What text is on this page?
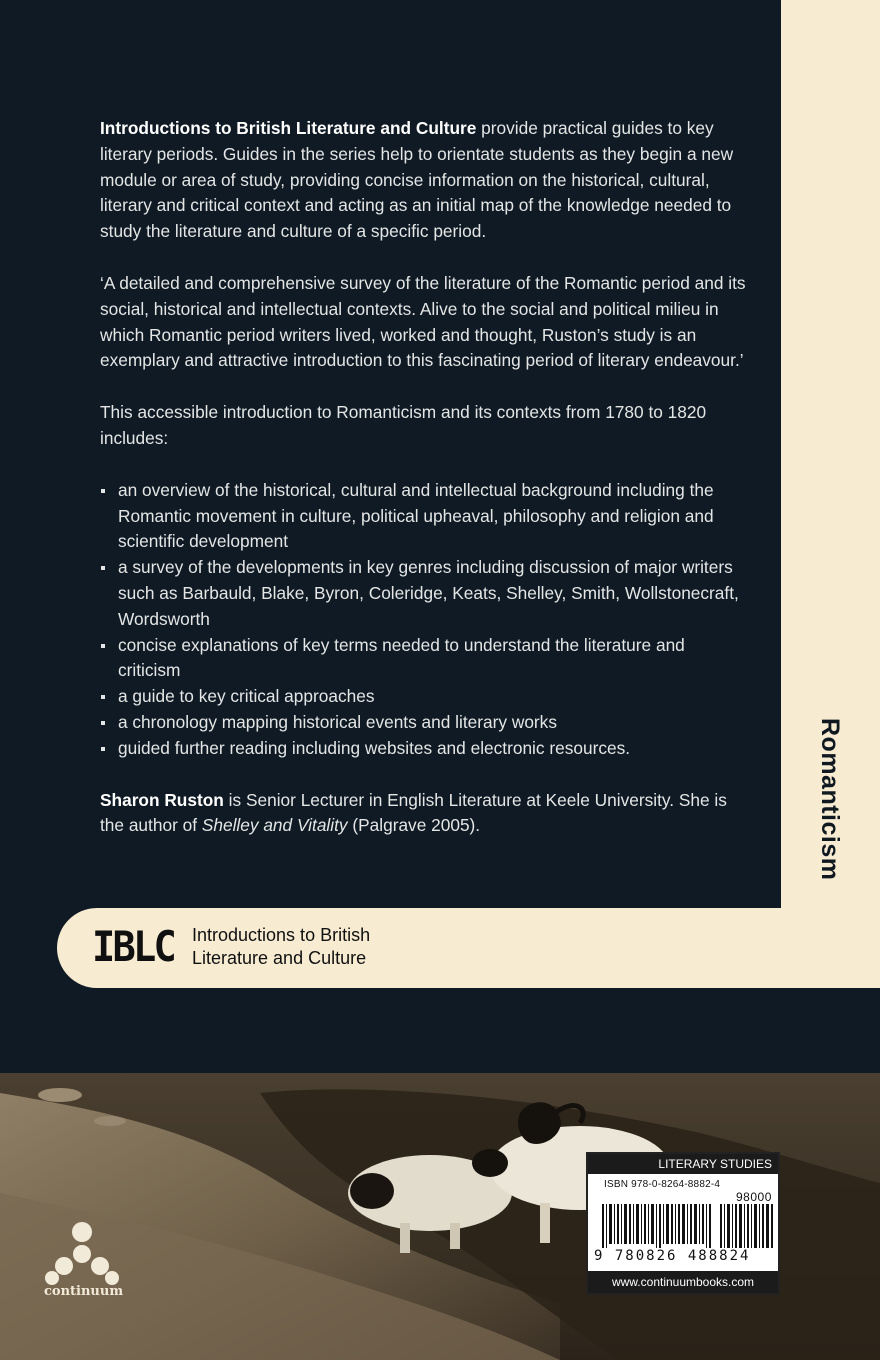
Romanticism

Introductions to British Literature and Culture provide practical guides to key literary periods. Guides in the series help to orientate students as they begin a new module or area of study, providing concise information on the historical, cultural, literary and critical context and acting as an initial map of the knowledge needed to study the literature and culture of a specific period.

‘A detailed and comprehensive survey of the literature of the Romantic period and its social, historical and intellectual contexts. Alive to the social and political milieu in which Romantic period writers lived, worked and thought, Ruston’s study is an exemplary and attractive introduction to this fascinating period of literary endeavour.’

This accessible introduction to Romanticism and its contexts from 1780 to 1820 includes:

an overview of the historical, cultural and intellectual background including the Romantic movement in culture, political upheaval, philosophy and religion and scientific development
a survey of the developments in key genres including discussion of major writers such as Barbauld, Blake, Byron, Coleridge, Keats, Shelley, Smith, Wollstonecraft, Wordsworth
concise explanations of key terms needed to understand the literature and criticism
a guide to key critical approaches
a chronology mapping historical events and literary works
guided further reading including websites and electronic resources.

Sharon Ruston is Senior Lecturer in English Literature at Keele University. She is the author of Shelley and Vitality (Palgrave 2005).

IBLC Introductions to British
Literature and Culture
LITERARY STUDIES
ISBN 978-0-8264-8882-4
98000
9 780826 488824
www.continuumbooks.com
continuum
